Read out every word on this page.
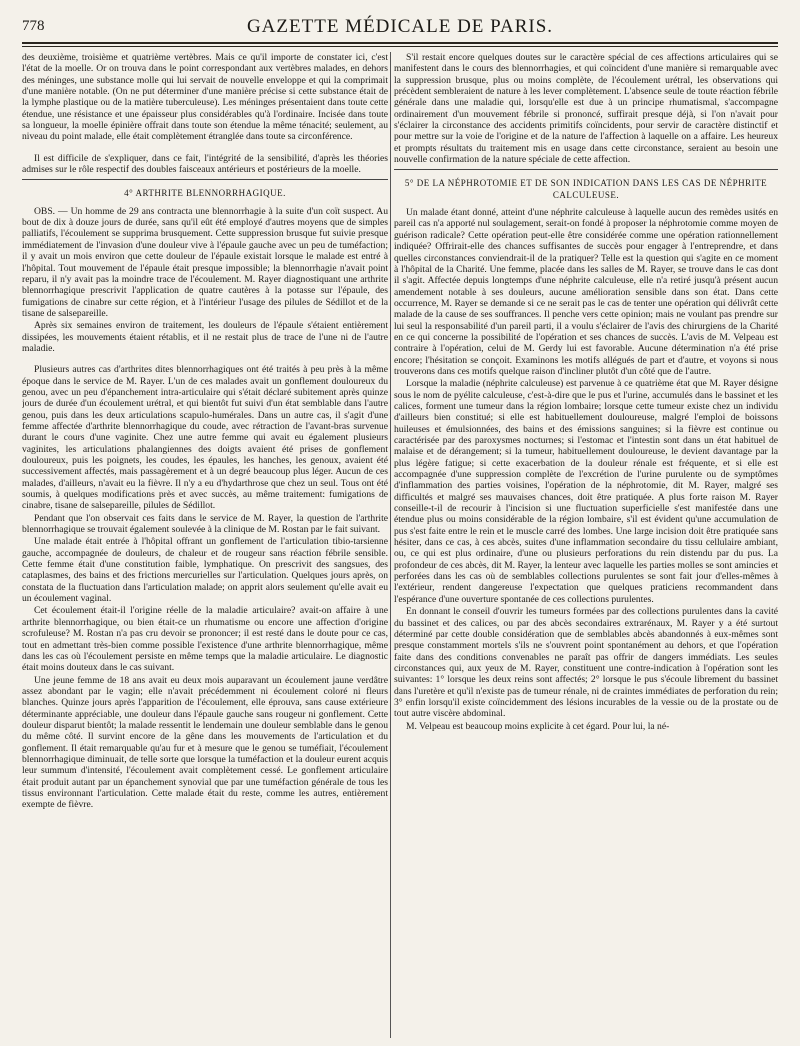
778	GAZETTE MÉDICALE DE PARIS.

des deuxième, troisième et quatrième vertèbres. Mais ce qu'il importe de constater ici, c'est l'état de la moelle. Or on trouva dans le point correspondant aux vertèbres malades, en dehors des méninges, une substance molle qui lui servait de nouvelle enveloppe et qui la comprimait d'une manière notable. (On ne put déterminer d'une manière précise si cette substance était de la lymphe plastique ou de la matière tuberculeuse). Les méninges présentaient dans toute cette étendue, une résistance et une épaisseur plus considérables qu'à l'ordinaire. Incisée dans toute sa longueur, la moelle épinière offrait dans toute son étendue la même ténacité; seulement, au niveau du point malade, elle était complètement étranglée dans toute sa circonférence.

Il est difficile de s'expliquer, dans ce fait, l'intégrité de la sensibilité, d'après les théories admises sur le rôle respectif des doubles faisceaux antérieurs et postérieurs de la moelle.

4° ARTHRITE BLENNORRHAGIQUE.

OBS. — Un homme de 29 ans contracta une blennorrhagie à la suite d'un coït suspect. Au bout de dix à douze jours de durée, sans qu'il eût été employé d'autres moyens que de simples palliatifs, l'écoulement se supprima brusquement. Cette suppression brusque fut suivie presque immédiatement de l'invasion d'une douleur vive à l'épaule gauche avec un peu de tuméfaction; il y avait un mois environ que cette douleur de l'épaule existait lorsque le malade est entré à l'hôpital. Tout mouvement de l'épaule était presque impossible; la blennorrhagie n'avait point reparu, il n'y avait pas la moindre trace de l'écoulement. M. Rayer diagnostiquant une arthrite blennorrhagique prescrivit l'application de quatre cautères à la potasse sur l'épaule, des fumigations de cinabre sur cette région, et à l'intérieur l'usage des pilules de Sédillot et de la tisane de salsepareille.

Après six semaines environ de traitement, les douleurs de l'épaule s'étaient entièrement dissipées, les mouvements étaient rétablis, et il ne restait plus de trace de l'une ni de l'autre maladie.

Plusieurs autres cas d'arthrites dites blennorrhagiques ont été traités à peu près à la même époque dans le service de M. Rayer. L'un de ces malades avait un gonflement douloureux du genou, avec un peu d'épanchement intra-articulaire qui s'était déclaré subitement après quinze jours de durée d'un écoulement urétral, et qui bientôt fut suivi d'un état semblable dans l'autre genou, puis dans les deux articulations scapulo-humérales. Dans un autre cas, il s'agit d'une femme affectée d'arthrite blennorrhagique du coude, avec rétraction de l'avant-bras survenue durant le cours d'une vaginite. Chez une autre femme qui avait eu également plusieurs vaginites, les articulations phalangiennes des doigts avaient été prises de gonflement douloureux, puis les poignets, les coudes, les épaules, les hanches, les genoux, avaient été successivement affectés, mais passagèrement et à un degré beaucoup plus léger. Aucun de ces malades, d'ailleurs, n'avait eu la fièvre. Il n'y a eu d'hydarthrose que chez un seul. Tous ont été soumis, à quelques modifications près et avec succès, au même traitement: fumigations de cinabre, tisane de salsepareille, pilules de Sédillot.

Pendant que l'on observait ces faits dans le service de M. Rayer, la question de l'arthrite blennorrhagique se trouvait également soulevée à la clinique de M. Rostan par le fait suivant.

Une malade était entrée à l'hôpital offrant un gonflement de l'articulation tibio-tarsienne gauche, accompagnée de douleurs, de chaleur et de rougeur sans réaction fébrile sensible. Cette femme était d'une constitution faible, lymphatique. On prescrivit des sangsues, des cataplasmes, des bains et des frictions mercurielles sur l'articulation. Quelques jours après, on constata de la fluctuation dans l'articulation malade; on apprit alors seulement qu'elle avait eu un écoulement vaginal.

Cet écoulement était-il l'origine réelle de la maladie articulaire? avait-on affaire à une arthrite blennorrhagique, ou bien était-ce un rhumatisme ou encore une affection d'origine scrofuleuse? M. Rostan n'a pas cru devoir se prononcer; il est resté dans le doute pour ce cas, tout en admettant très-bien comme possible l'existence d'une arthrite blennorrhagique, même dans les cas où l'écoulement persiste en même temps que la maladie articulaire. Le diagnostic était moins douteux dans le cas suivant.

Une jeune femme de 18 ans avait eu deux mois auparavant un écoulement jaune verdâtre assez abondant par le vagin; elle n'avait précédemment ni écoulement coloré ni fleurs blanches. Quinze jours après l'apparition de l'écoulement, elle éprouva, sans cause extérieure déterminante appréciable, une douleur dans l'épaule gauche sans rougeur ni gonflement. Cette douleur disparut bientôt; la malade ressentit le lendemain une douleur semblable dans le genou du même côté. Il survint encore de la gêne dans les mouvements de l'articulation et du gonflement. Il était remarquable qu'au fur et à mesure que le genou se tuméfiait, l'écoulement blennorrhagique diminuait, de telle sorte que lorsque la tuméfaction et la douleur eurent acquis leur summum d'intensité, l'écoulement avait complètement cessé. Le gonflement articulaire était produit autant par un épanchement synovial que par une tuméfaction générale de tous les tissus environnant l'articulation. Cette malade était du reste, comme les autres, entièrement exempte de fièvre.

S'il restait encore quelques doutes sur le caractère spécial de ces affections articulaires qui se manifestent dans le cours des blennorrhagies, et qui coïncident d'une manière si remarquable avec la suppression brusque, plus ou moins complète, de l'écoulement urétral, les observations qui précèdent sembleraient de nature à les lever complètement. L'absence seule de toute réaction fébrile générale dans une maladie qui, lorsqu'elle est due à un principe rhumatismal, s'accompagne ordinairement d'un mouvement fébrile si prononcé, suffirait presque déjà, si l'on n'avait pour s'éclairer la circonstance des accidents primitifs coïncidents, pour servir de caractère distinctif et pour mettre sur la voie de l'origine et de la nature de l'affection à laquelle on a affaire. Les heureux et prompts résultats du traitement mis en usage dans cette circonstance, seraient au besoin une nouvelle confirmation de la nature spéciale de cette affection.

5° DE LA NÉPHROTOMIE ET DE SON INDICATION DANS LES CAS DE NÉPHRITE CALCULEUSE.

Un malade étant donné, atteint d'une néphrite calculeuse à laquelle aucun des remèdes usités en pareil cas n'a apporté nul soulagement, serait-on fondé à proposer la néphrotomie comme moyen de guérison radicale? Cette opération peut-elle être considérée comme une opération rationnellement indiquée? Offrirait-elle des chances suffisantes de succès pour engager à l'entreprendre, et dans quelles circonstances conviendrait-il de la pratiquer? Telle est la question qui s'agite en ce moment à l'hôpital de la Charité. Une femme, placée dans les salles de M. Rayer, se trouve dans le cas dont il s'agit. Affectée depuis longtemps d'une néphrite calculeuse, elle n'a retiré jusqu'à présent aucun amendement notable à ses douleurs, aucune amélioration sensible dans son état. Dans cette occurrence, M. Rayer se demande si ce ne serait pas le cas de tenter une opération qui délivrât cette malade de la cause de ses souffrances. Il penche vers cette opinion; mais ne voulant pas prendre sur lui seul la responsabilité d'un pareil parti, il a voulu s'éclairer de l'avis des chirurgiens de la Charité en ce qui concerne la possibilité de l'opération et ses chances de succès. L'avis de M. Velpeau est contraire à l'opération, celui de M. Gerdy lui est favorable. Aucune détermination n'a été prise encore; l'hésitation se conçoit. Examinons les motifs allégués de part et d'autre, et voyons si nous trouverons dans ces motifs quelque raison d'incliner plutôt d'un côté que de l'autre.

Lorsque la maladie (néphrite calculeuse) est parvenue à ce quatrième état que M. Rayer désigne sous le nom de pyélite calculeuse, c'est-à-dire que le pus et l'urine, accumulés dans le bassinet et les calices, forment une tumeur dans la région lombaire; lorsque cette tumeur existe chez un individu d'ailleurs bien constitué; si elle est habituellement douloureuse, malgré l'emploi de boissons huileuses et émulsionnées, des bains et des émissions sanguines; si la fièvre est continue ou caractérisée par des paroxysmes nocturnes; si l'estomac et l'intestin sont dans un état habituel de malaise et de dérangement; si la tumeur, habituellement douloureuse, le devient davantage par la plus légère fatigue; si cette exacerbation de la douleur rénale est fréquente, et si elle est accompagnée d'une suppression complète de l'excrétion de l'urine purulente ou de symptômes d'inflammation des parties voisines, l'opération de la néphrotomie, dit M. Rayer, malgré ses difficultés et malgré ses mauvaises chances, doit être pratiquée. A plus forte raison M. Rayer conseille-t-il de recourir à l'incision si une fluctuation superficielle s'est manifestée dans une étendue plus ou moins considérable de la région lombaire, s'il est évident qu'une accumulation de pus s'est faite entre le rein et le muscle carré des lombes. Une large incision doit être pratiquée sans hésiter, dans ce cas, à ces abcès, suites d'une inflammation secondaire du tissu cellulaire ambiant, ou, ce qui est plus ordinaire, d'une ou plusieurs perforations du rein distendu par du pus. La profondeur de ces abcès, dit M. Rayer, la lenteur avec laquelle les parties molles se sont amincies et perforées dans les cas où de semblables collections purulentes se sont fait jour d'elles-mêmes à l'extérieur, rendent dangereuse l'expectation que quelques praticiens recommandent dans l'espérance d'une ouverture spontanée de ces collections purulentes.

En donnant le conseil d'ouvrir les tumeurs formées par des collections purulentes dans la cavité du bassinet et des calices, ou par des abcès secondaires extrarénaux, M. Rayer y a été surtout déterminé par cette double considération que de semblables abcès abandonnés à eux-mêmes sont presque constamment mortels s'ils ne s'ouvrent point spontanément au dehors, et que l'opération faite dans des conditions convenables ne paraît pas offrir de dangers immédiats. Les seules circonstances qui, aux yeux de M. Rayer, constituent une contre-indication à l'opération sont les suivantes: 1° lorsque les deux reins sont affectés; 2° lorsque le pus s'écoule librement du bassinet dans l'uretère et qu'il n'existe pas de tumeur rénale, ni de craintes immédiates de perforation du rein; 3° enfin lorsqu'il existe coïncidemment des lésions incurables de la vessie ou de la prostate ou de tout autre viscère abdominal.

M. Velpeau est beaucoup moins explicite à cet égard. Pour lui, la né-
